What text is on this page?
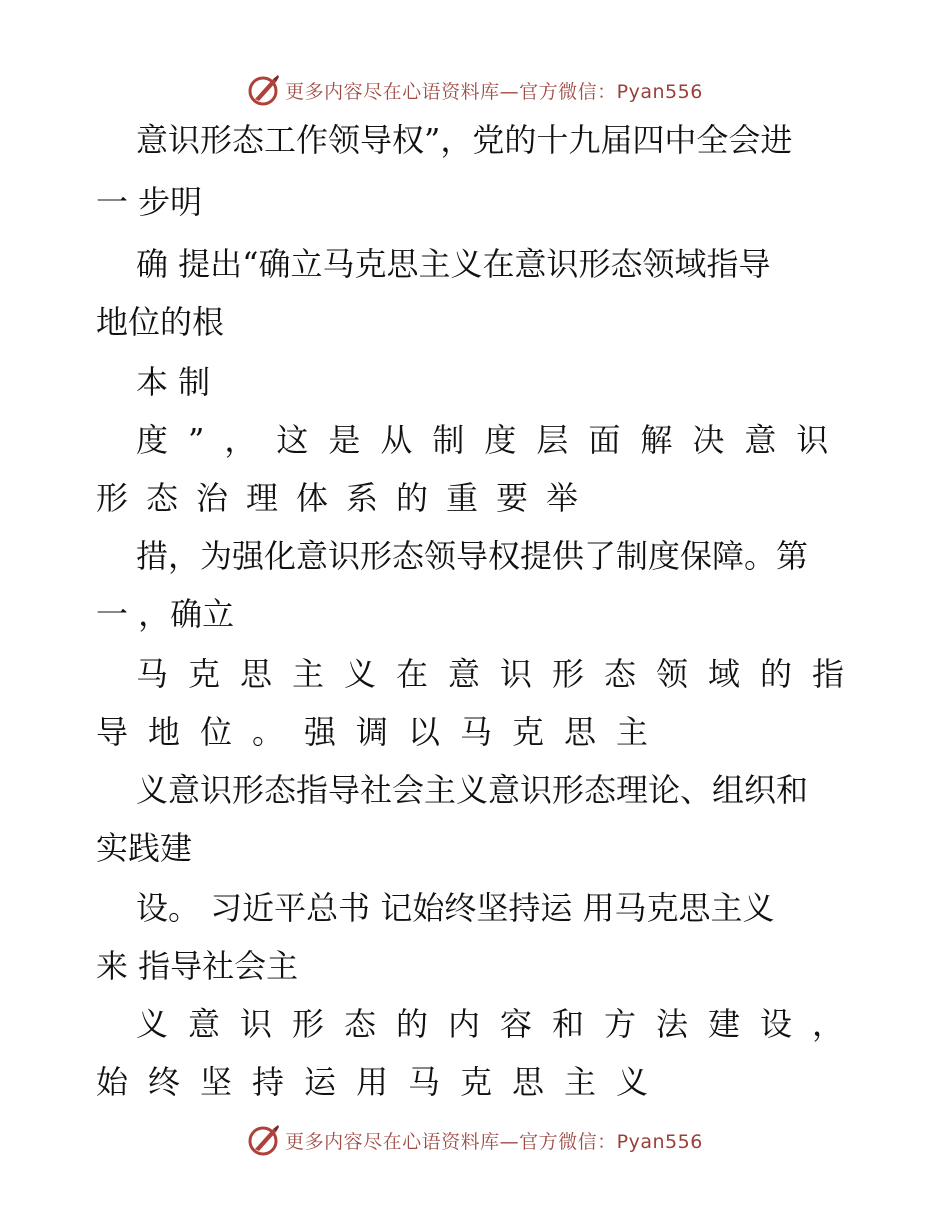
更多内容尽在心语资料库—官方微信：Pyan556
意识形态工作领导权”，党的十九届四中全会进
一 步明
确 提出“确立马克思主义在意识形态领域指导
地位的根
本 制
度”，这是从制度层面解决意识
形态治理体系的重要举
措，为强化意识形态领导权提供了制度保障。第
一 ，确立
马克思主义在意识形态领域的指
导地位。强调以马克思主
义意识形态指导社会主义意识形态理论、组织和
实践建
设。 习近平总书 记始终坚持运 用马克思主义
来 指导社会主
义意识形态的内容和方法建设，
始终坚持运用马克思主义
更多内容尽在心语资料库—官方微信：Pyan556
